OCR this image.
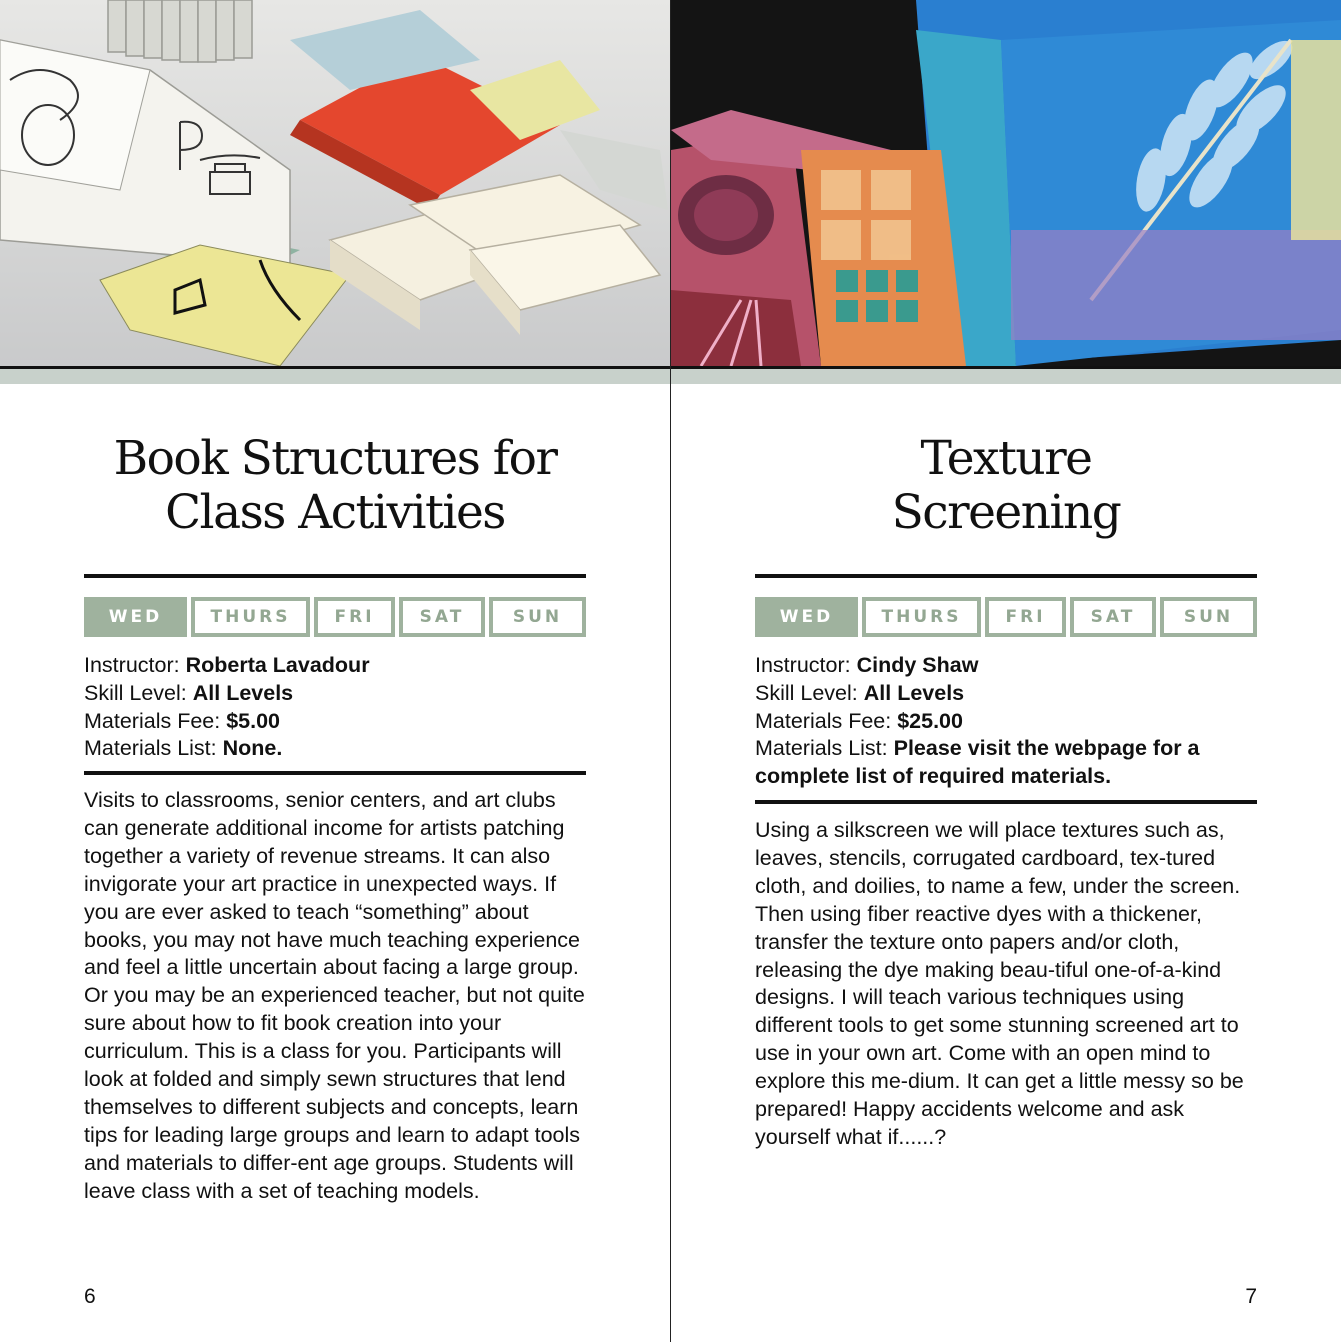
Book Structures for
Class Activities
WED	THURS	FRI	SAT	SUN
Instructor: Roberta Lavadour
Skill Level: All Levels
Materials Fee: $5.00
Materials List: None.
Visits to classrooms, senior centers, and art clubs can generate additional income for artists patching together a variety of revenue streams. It can also invigorate your art practice in unexpected ways. If you are ever asked to teach “something” about books, you may not have much teaching experience and feel a little uncertain about facing a large group. Or you may be an experienced teacher, but not quite sure about how to fit book creation into your curriculum. This is a class for you. Participants will look at folded and simply sewn structures that lend themselves to different subjects and concepts, learn tips for leading large groups and learn to adapt tools and materials to differ-ent age groups. Students will leave class with a set of teaching models.
6
Texture
Screening
WED	THURS	FRI	SAT	SUN
Instructor: Cindy Shaw
Skill Level: All Levels
Materials Fee: $25.00
Materials List: Please visit the webpage for a complete list of required materials.
Using a silkscreen we will place textures such as, leaves, stencils, corrugated cardboard, tex-tured cloth, and doilies, to name a few, under the screen. Then using fiber reactive dyes with a thickener, transfer the texture onto papers and/or cloth, releasing the dye making beau-tiful one-of-a-kind designs. I will teach various techniques using different tools to get some stunning screened art to use in your own art. Come with an open mind to explore this me-dium. It can get a little messy so be prepared! Happy accidents welcome and ask yourself what if......?
7
